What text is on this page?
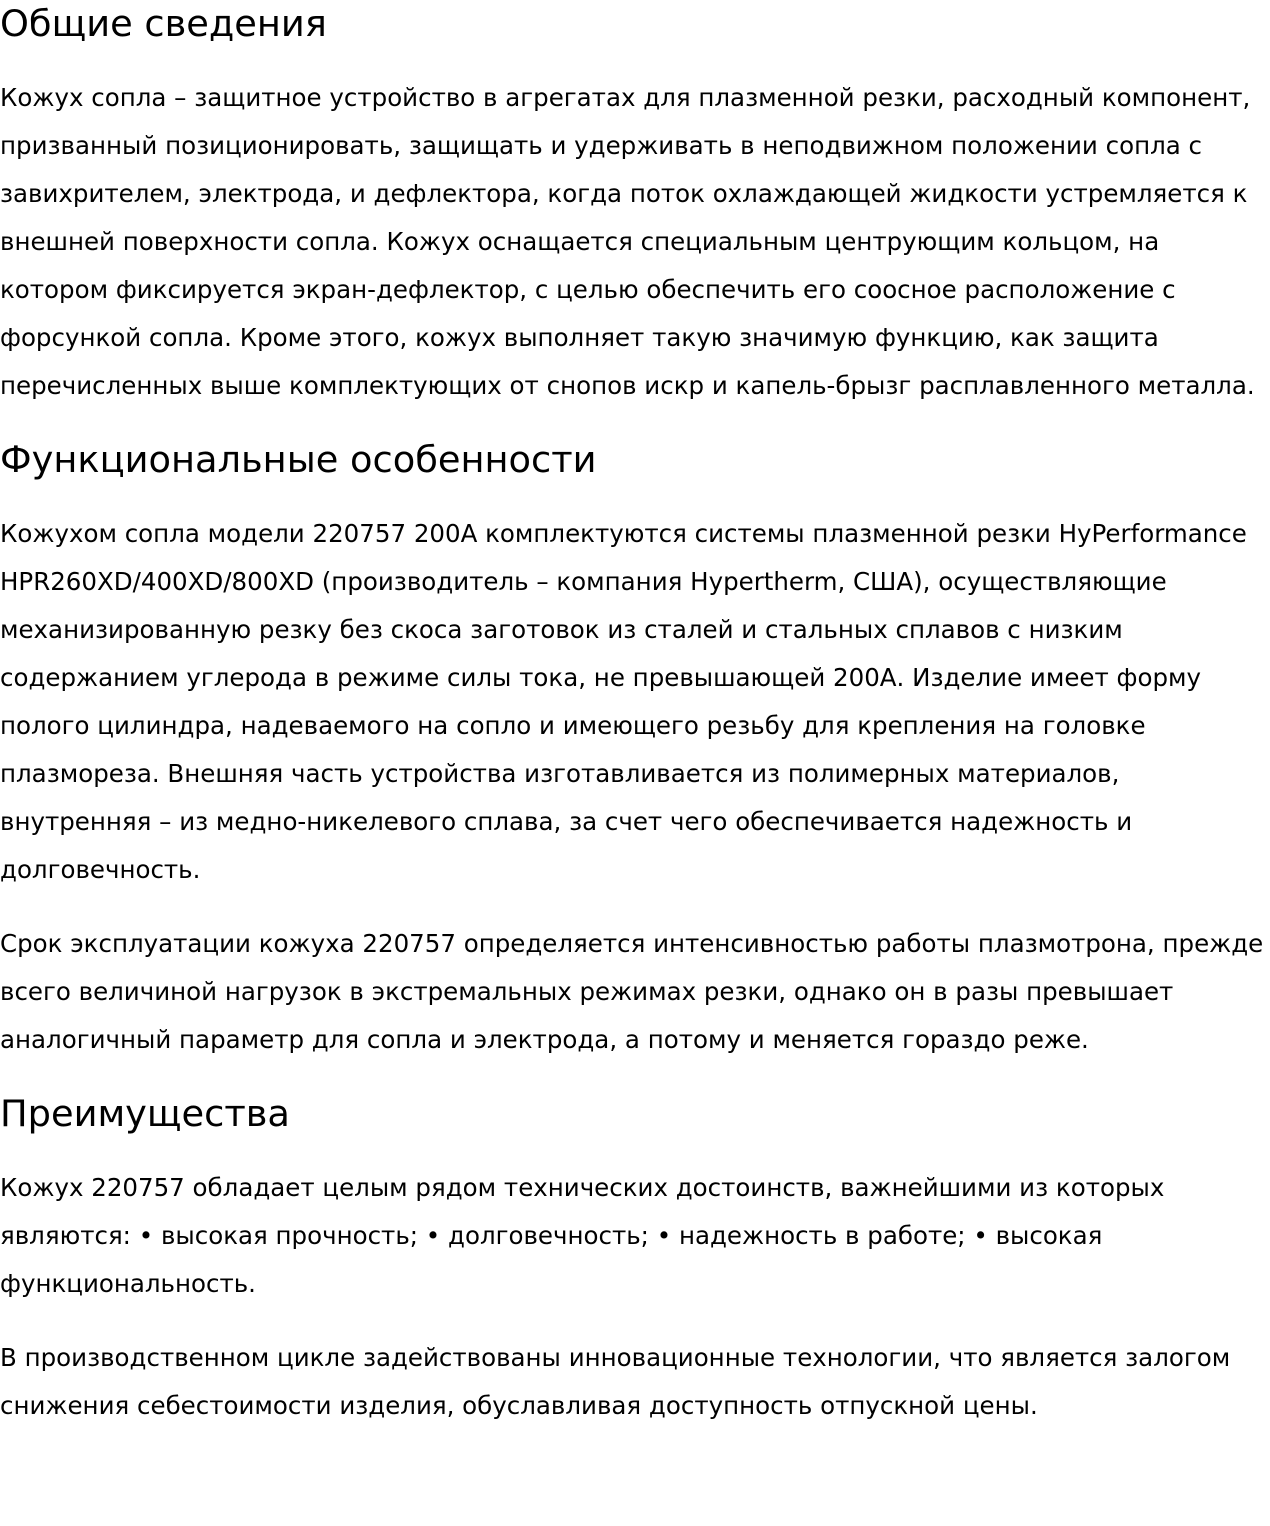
Общие сведения

Кожух сопла – защитное устройство в агрегатах для плазменной резки, расходный компонент, призванный позиционировать, защищать и удерживать в неподвижном положении сопла с завихрителем, электрода, и дефлектора, когда поток охлаждающей жидкости устремляется к внешней поверхности сопла. Кожух оснащается специальным центрующим кольцом, на котором фиксируется экран-дефлектор, с целью обеспечить его соосное расположение с форсункой сопла. Кроме этого, кожух выполняет такую значимую функцию, как защита перечисленных выше комплектующих от снопов искр и капель-брызг расплавленного металла.

Функциональные особенности

Кожухом сопла модели 220757 200А комплектуются системы плазменной резки HyPerformance HPR260XD/400XD/800XD (производитель – компания Hypertherm, США), осуществляющие механизированную резку без скоса заготовок из сталей и стальных сплавов с низким содержанием углерода в режиме силы тока, не превышающей 200А. Изделие имеет форму полого цилиндра, надеваемого на сопло и имеющего резьбу для крепления на головке плазмореза. Внешняя часть устройства изготавливается из полимерных материалов, внутренняя – из медно-никелевого сплава, за счет чего обеспечивается надежность и долговечность.

Срок эксплуатации кожуха 220757 определяется интенсивностью работы плазмотрона, прежде всего величиной нагрузок в экстремальных режимах резки, однако он в разы превышает аналогичный параметр для сопла и электрода, а потому и меняется гораздо реже.

Преимущества

Кожух 220757 обладает целым рядом технических достоинств, важнейшими из которых являются: • высокая прочность; • долговечность; • надежность в работе; • высокая функциональность.

В производственном цикле задействованы инновационные технологии, что является залогом снижения себестоимости изделия, обуславливая доступность отпускной цены.
